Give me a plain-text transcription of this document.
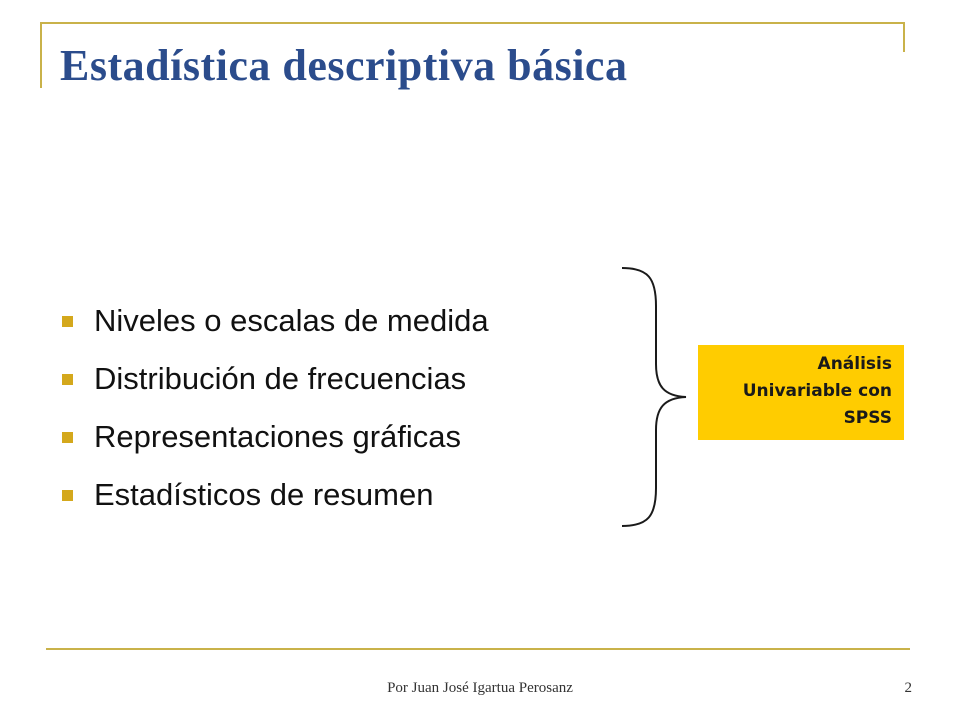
Estadística descriptiva básica
Niveles o escalas de medida
Distribución de frecuencias
Representaciones gráficas
Estadísticos de resumen
Análisis
Univariable con
SPSS
Por Juan José Igartua Perosanz	2
